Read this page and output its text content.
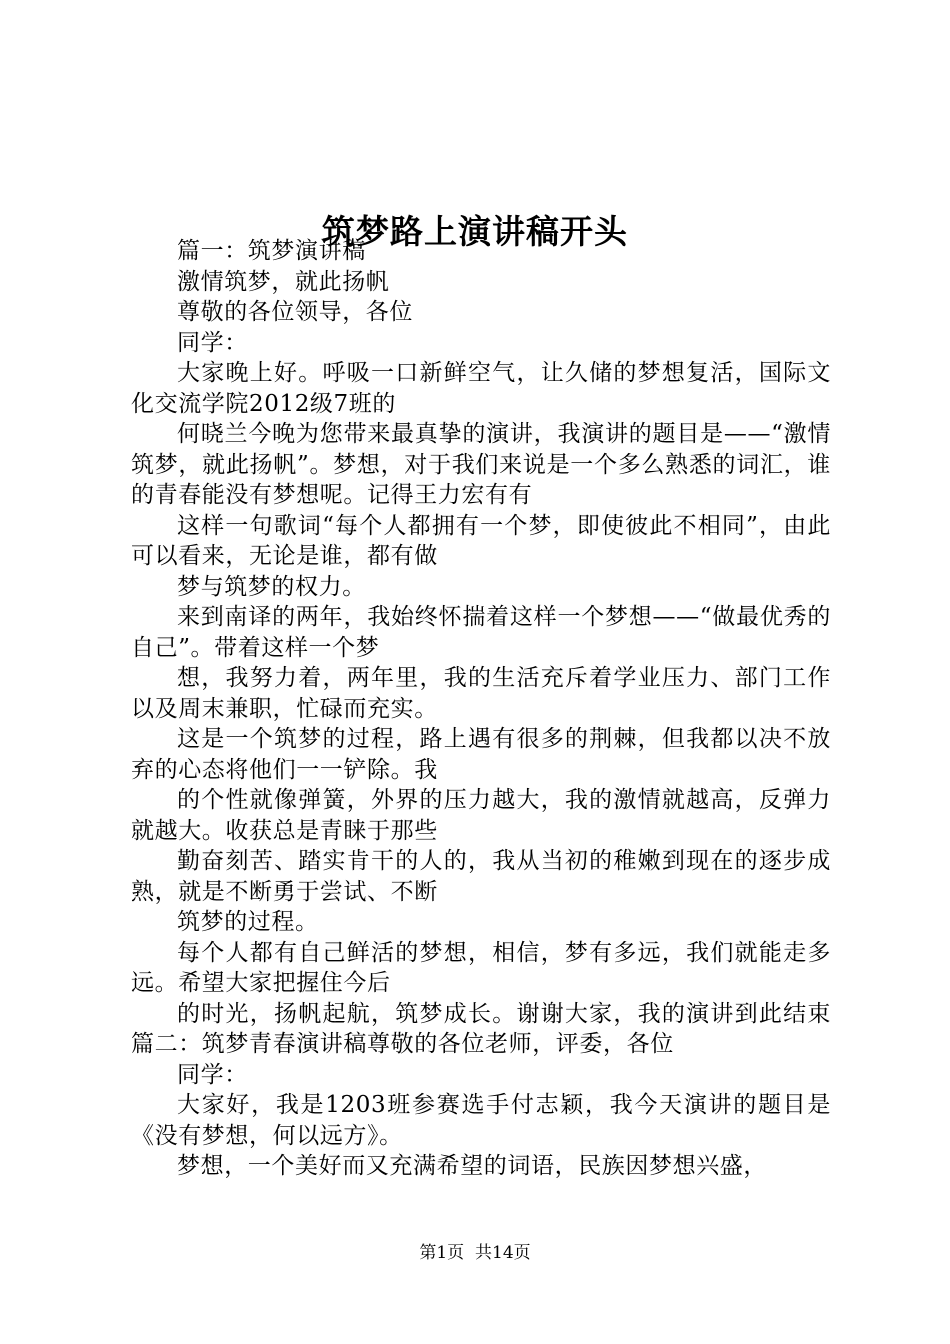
筑梦路上演讲稿开头

篇一：筑梦演讲稿

激情筑梦，就此扬帆

尊敬的各位领导，各位

同学：

大家晚上好。呼吸一口新鲜空气，让久储的梦想复活，国际文化交流学院2012级7班的

何晓兰今晚为您带来最真挚的演讲，我演讲的题目是——“激情筑梦，就此扬帆”。梦想，对于我们来说是一个多么熟悉的词汇，谁的青春能没有梦想呢。记得王力宏有有

这样一句歌词“每个人都拥有一个梦，即使彼此不相同”，由此可以看来，无论是谁，都有做

梦与筑梦的权力。

来到南译的两年，我始终怀揣着这样一个梦想——“做最优秀的自己”。带着这样一个梦

想，我努力着，两年里，我的生活充斥着学业压力、部门工作以及周末兼职，忙碌而充实。

这是一个筑梦的过程，路上遇有很多的荆棘，但我都以决不放弃的心态将他们一一铲除。我

的个性就像弹簧，外界的压力越大，我的激情就越高，反弹力就越大。收获总是青睐于那些

勤奋刻苦、踏实肯干的人的，我从当初的稚嫩到现在的逐步成熟，就是不断勇于尝试、不断

筑梦的过程。

每个人都有自己鲜活的梦想，相信，梦有多远，我们就能走多远。希望大家把握住今后

的时光，扬帆起航，筑梦成长。谢谢大家，我的演讲到此结束篇二：筑梦青春演讲稿尊敬的各位老师，评委，各位

同学：

大家好，我是1203班参赛选手付志颖，我今天演讲的题目是《没有梦想，何以远方》。

梦想，一个美好而又充满希望的词语，民族因梦想兴盛，

第1页 共14页
